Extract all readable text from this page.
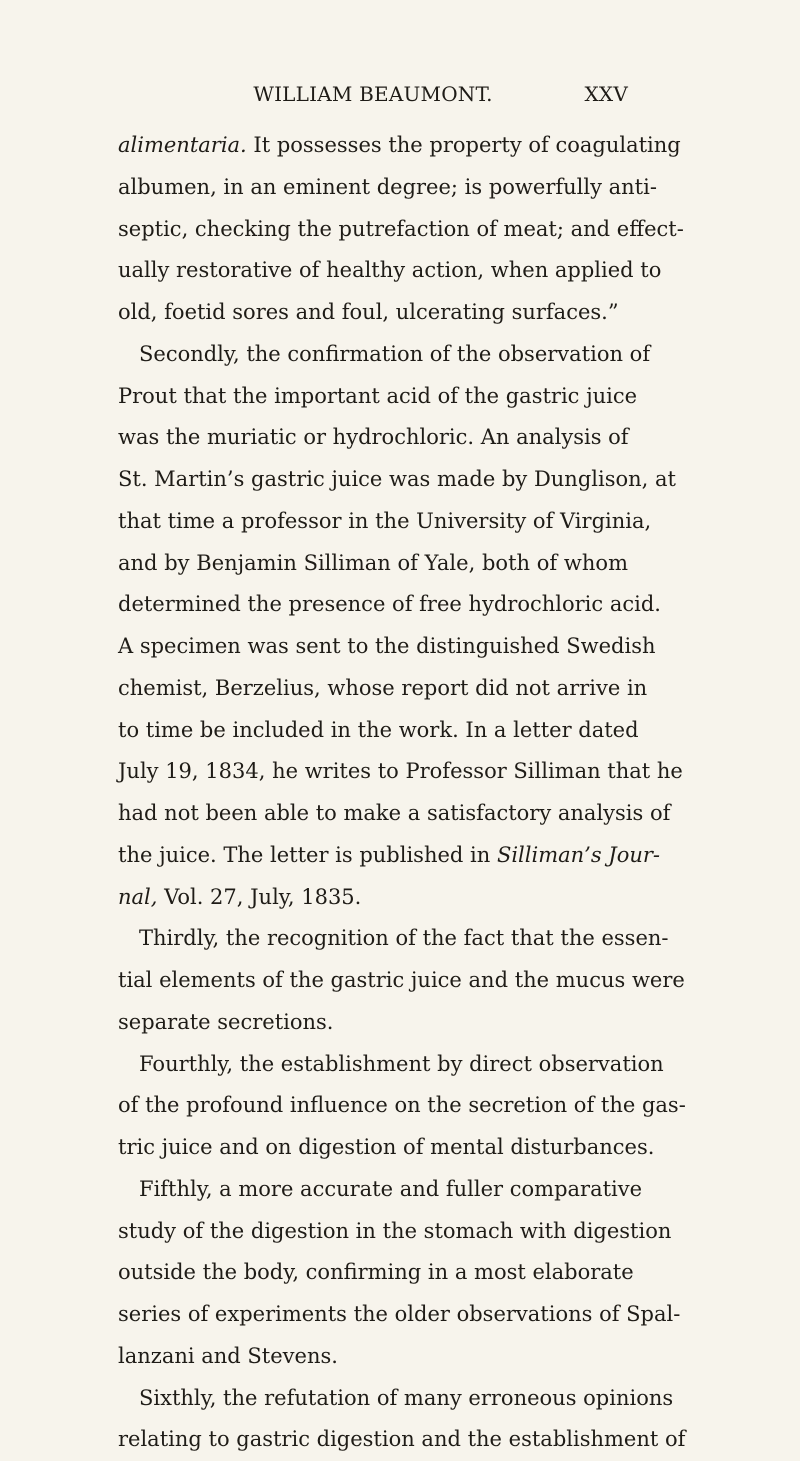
WILLIAM BEAUMONT.	XXV
alimentaria. It possesses the property of coagulating
albumen, in an eminent degree; is powerfully anti-
septic, checking the putrefaction of meat; and effect-
ually restorative of healthy action, when applied to
old, foetid sores and foul, ulcerating surfaces.”
Secondly, the confirmation of the observation of
Prout that the important acid of the gastric juice
was the muriatic or hydrochloric. An analysis of
St. Martin’s gastric juice was made by Dunglison, at
that time a professor in the University of Virginia,
and by Benjamin Silliman of Yale, both of whom
determined the presence of free hydrochloric acid.
A specimen was sent to the distinguished Swedish
chemist, Berzelius, whose report did not arrive in
to time be included in the work. In a letter dated
July 19, 1834, he writes to Professor Silliman that he
had not been able to make a satisfactory analysis of
the juice. The letter is published in Silliman’s Jour-
nal, Vol. 27, July, 1835.
Thirdly, the recognition of the fact that the essen-
tial elements of the gastric juice and the mucus were
separate secretions.
Fourthly, the establishment by direct observation
of the profound influence on the secretion of the gas-
tric juice and on digestion of mental disturbances.
Fifthly, a more accurate and fuller comparative
study of the digestion in the stomach with digestion
outside the body, confirming in a most elaborate
series of experiments the older observations of Spal-
lanzani and Stevens.
Sixthly, the refutation of many erroneous opinions
relating to gastric digestion and the establishment of
